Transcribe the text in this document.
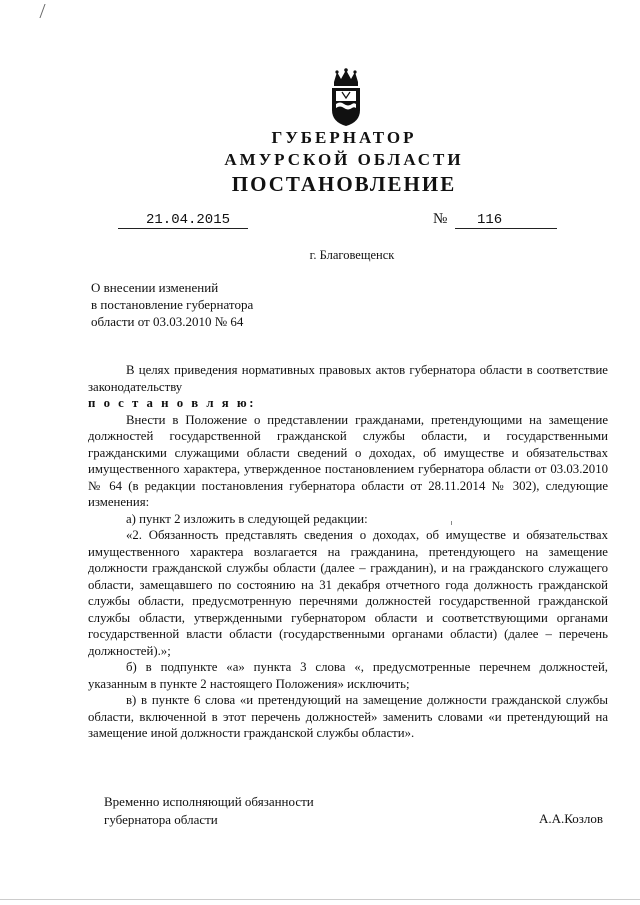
ГУБЕРНАТОР
АМУРСКОЙ ОБЛАСТИ
ПОСТАНОВЛЕНИЕ
21.04.2015	№	116
г. Благовещенск
О внесении изменений
в постановление губернатора
области от 03.03.2010 № 64

В целях приведения нормативных правовых актов губернатора области в соответствие законодательству

п о с т а н о в л я ю:

Внести в Положение о представлении гражданами, претендующими на замещение должностей государственной гражданской службы области, и государственными гражданскими служащими области сведений о доходах, об имуществе и обязательствах имущественного характера, утвержденное постановлением губернатора области от 03.03.2010 № 64 (в редакции постановления губернатора области от 28.11.2014 № 302), следующие изменения:

а) пункт 2 изложить в следующей редакции:

«2. Обязанность представлять сведения о доходах, об имуществе и обязательствах имущественного характера возлагается на гражданина, претендующего на замещение должности гражданской службы области (далее – гражданин), и на гражданского служащего области, замещавшего по состоянию на 31 декабря отчетного года должность гражданской службы области, предусмотренную перечнями должностей государственной гражданской службы области, утвержденными губернатором области и соответствующими органами государственной власти области (государственными органами области) (далее – перечень должностей).»;

б) в подпункте «а» пункта 3 слова «, предусмотренные перечнем должностей, указанным в пункте 2 настоящего Положения» исключить;

в) в пункте 6 слова «и претендующий на замещение должности гражданской службы области, включенной в этот перечень должностей» заменить словами «и претендующий на замещение иной должности гражданской службы области».

Временно исполняющий обязанности
губернатора области	А.А.Козлов
